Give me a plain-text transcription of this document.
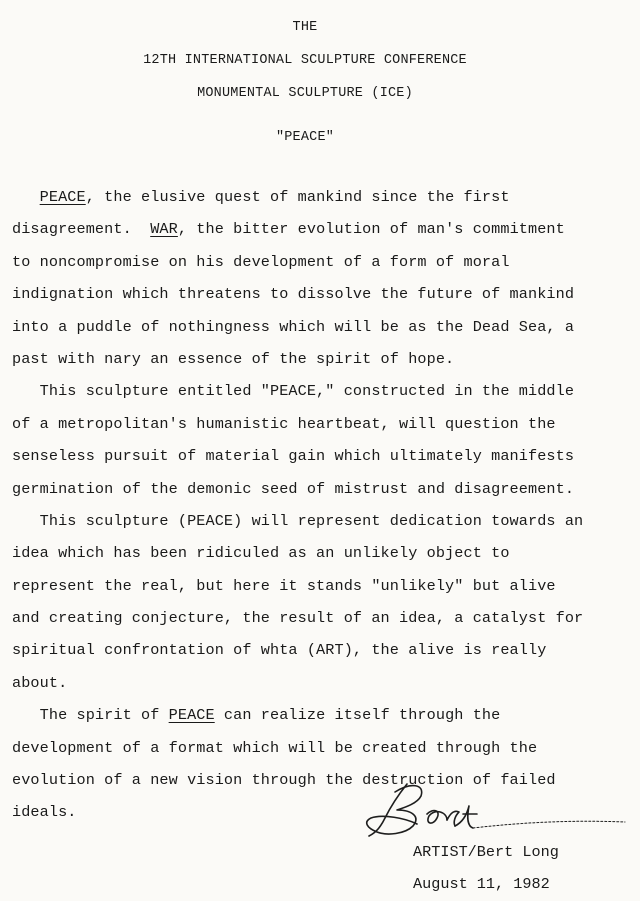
THE
12TH INTERNATIONAL SCULPTURE CONFERENCE
MONUMENTAL SCULPTURE (ICE)
"PEACE"
PEACE, the elusive quest of mankind since the first
disagreement.  WAR, the bitter evolution of man's commitment
to noncompromise on his development of a form of moral
indignation which threatens to dissolve the future of mankind
into a puddle of nothingness which will be as the Dead Sea, a
past with nary an essence of the spirit of hope.
This sculpture entitled "PEACE," constructed in the middle
of a metropolitan's humanistic heartbeat, will question the
senseless pursuit of material gain which ultimately manifests
germination of the demonic seed of mistrust and disagreement.
This sculpture (PEACE) will represent dedication towards an
idea which has been ridiculed as an unlikely object to
represent the real, but here it stands "unlikely" but alive
and creating conjecture, the result of an idea, a catalyst for
spiritual confrontation of whta (ART), the alive is really
about.
The spirit of PEACE can realize itself through the
development of a format which will be created through the
evolution of a new vision through the destruction of failed
ideals.
ARTIST/Bert Long
August 11, 1982
